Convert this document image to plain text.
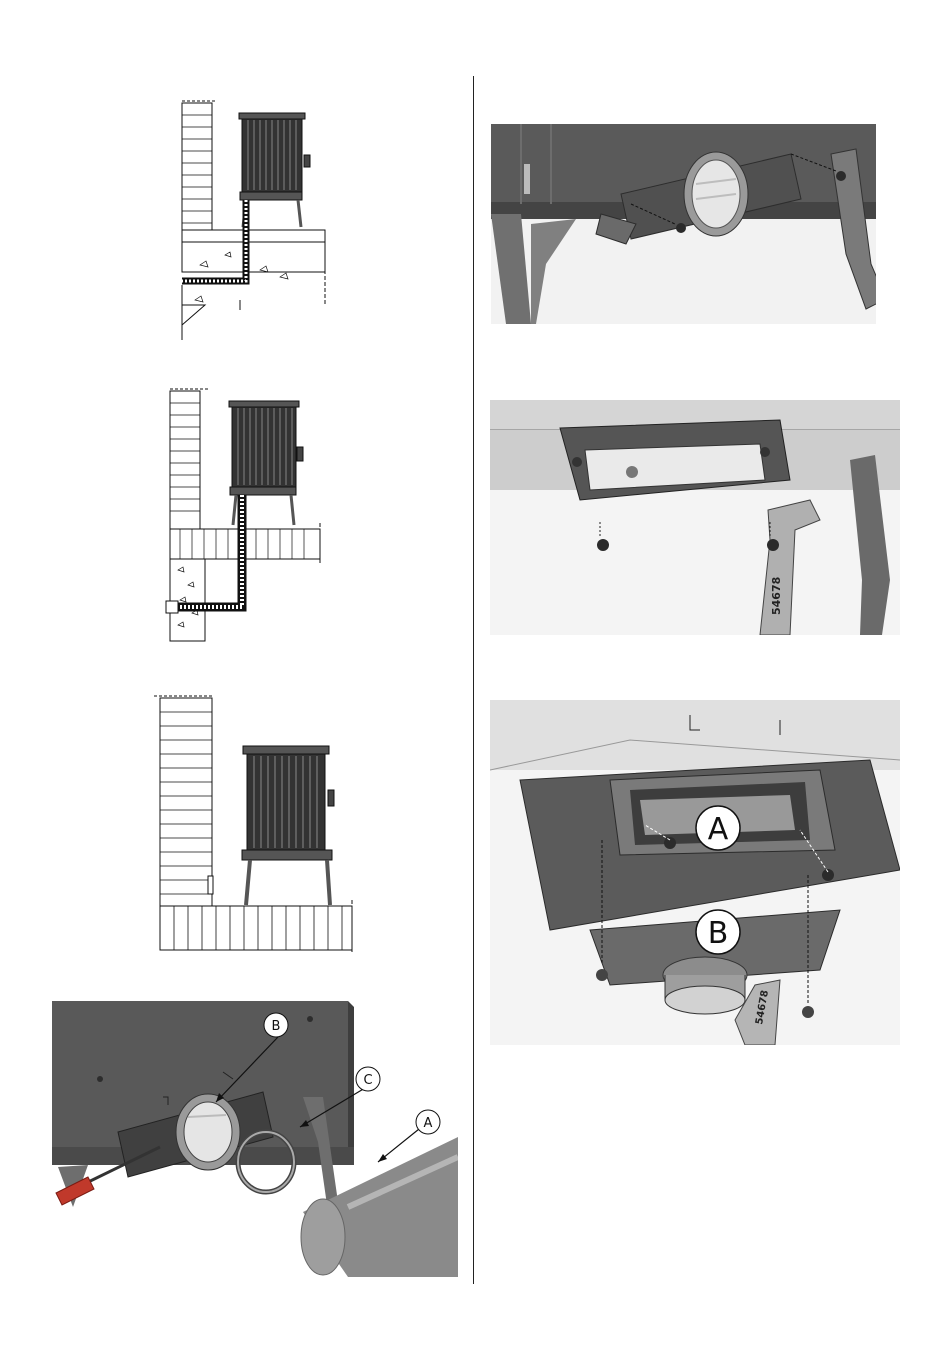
B
C
A
54678
54678
A
B
